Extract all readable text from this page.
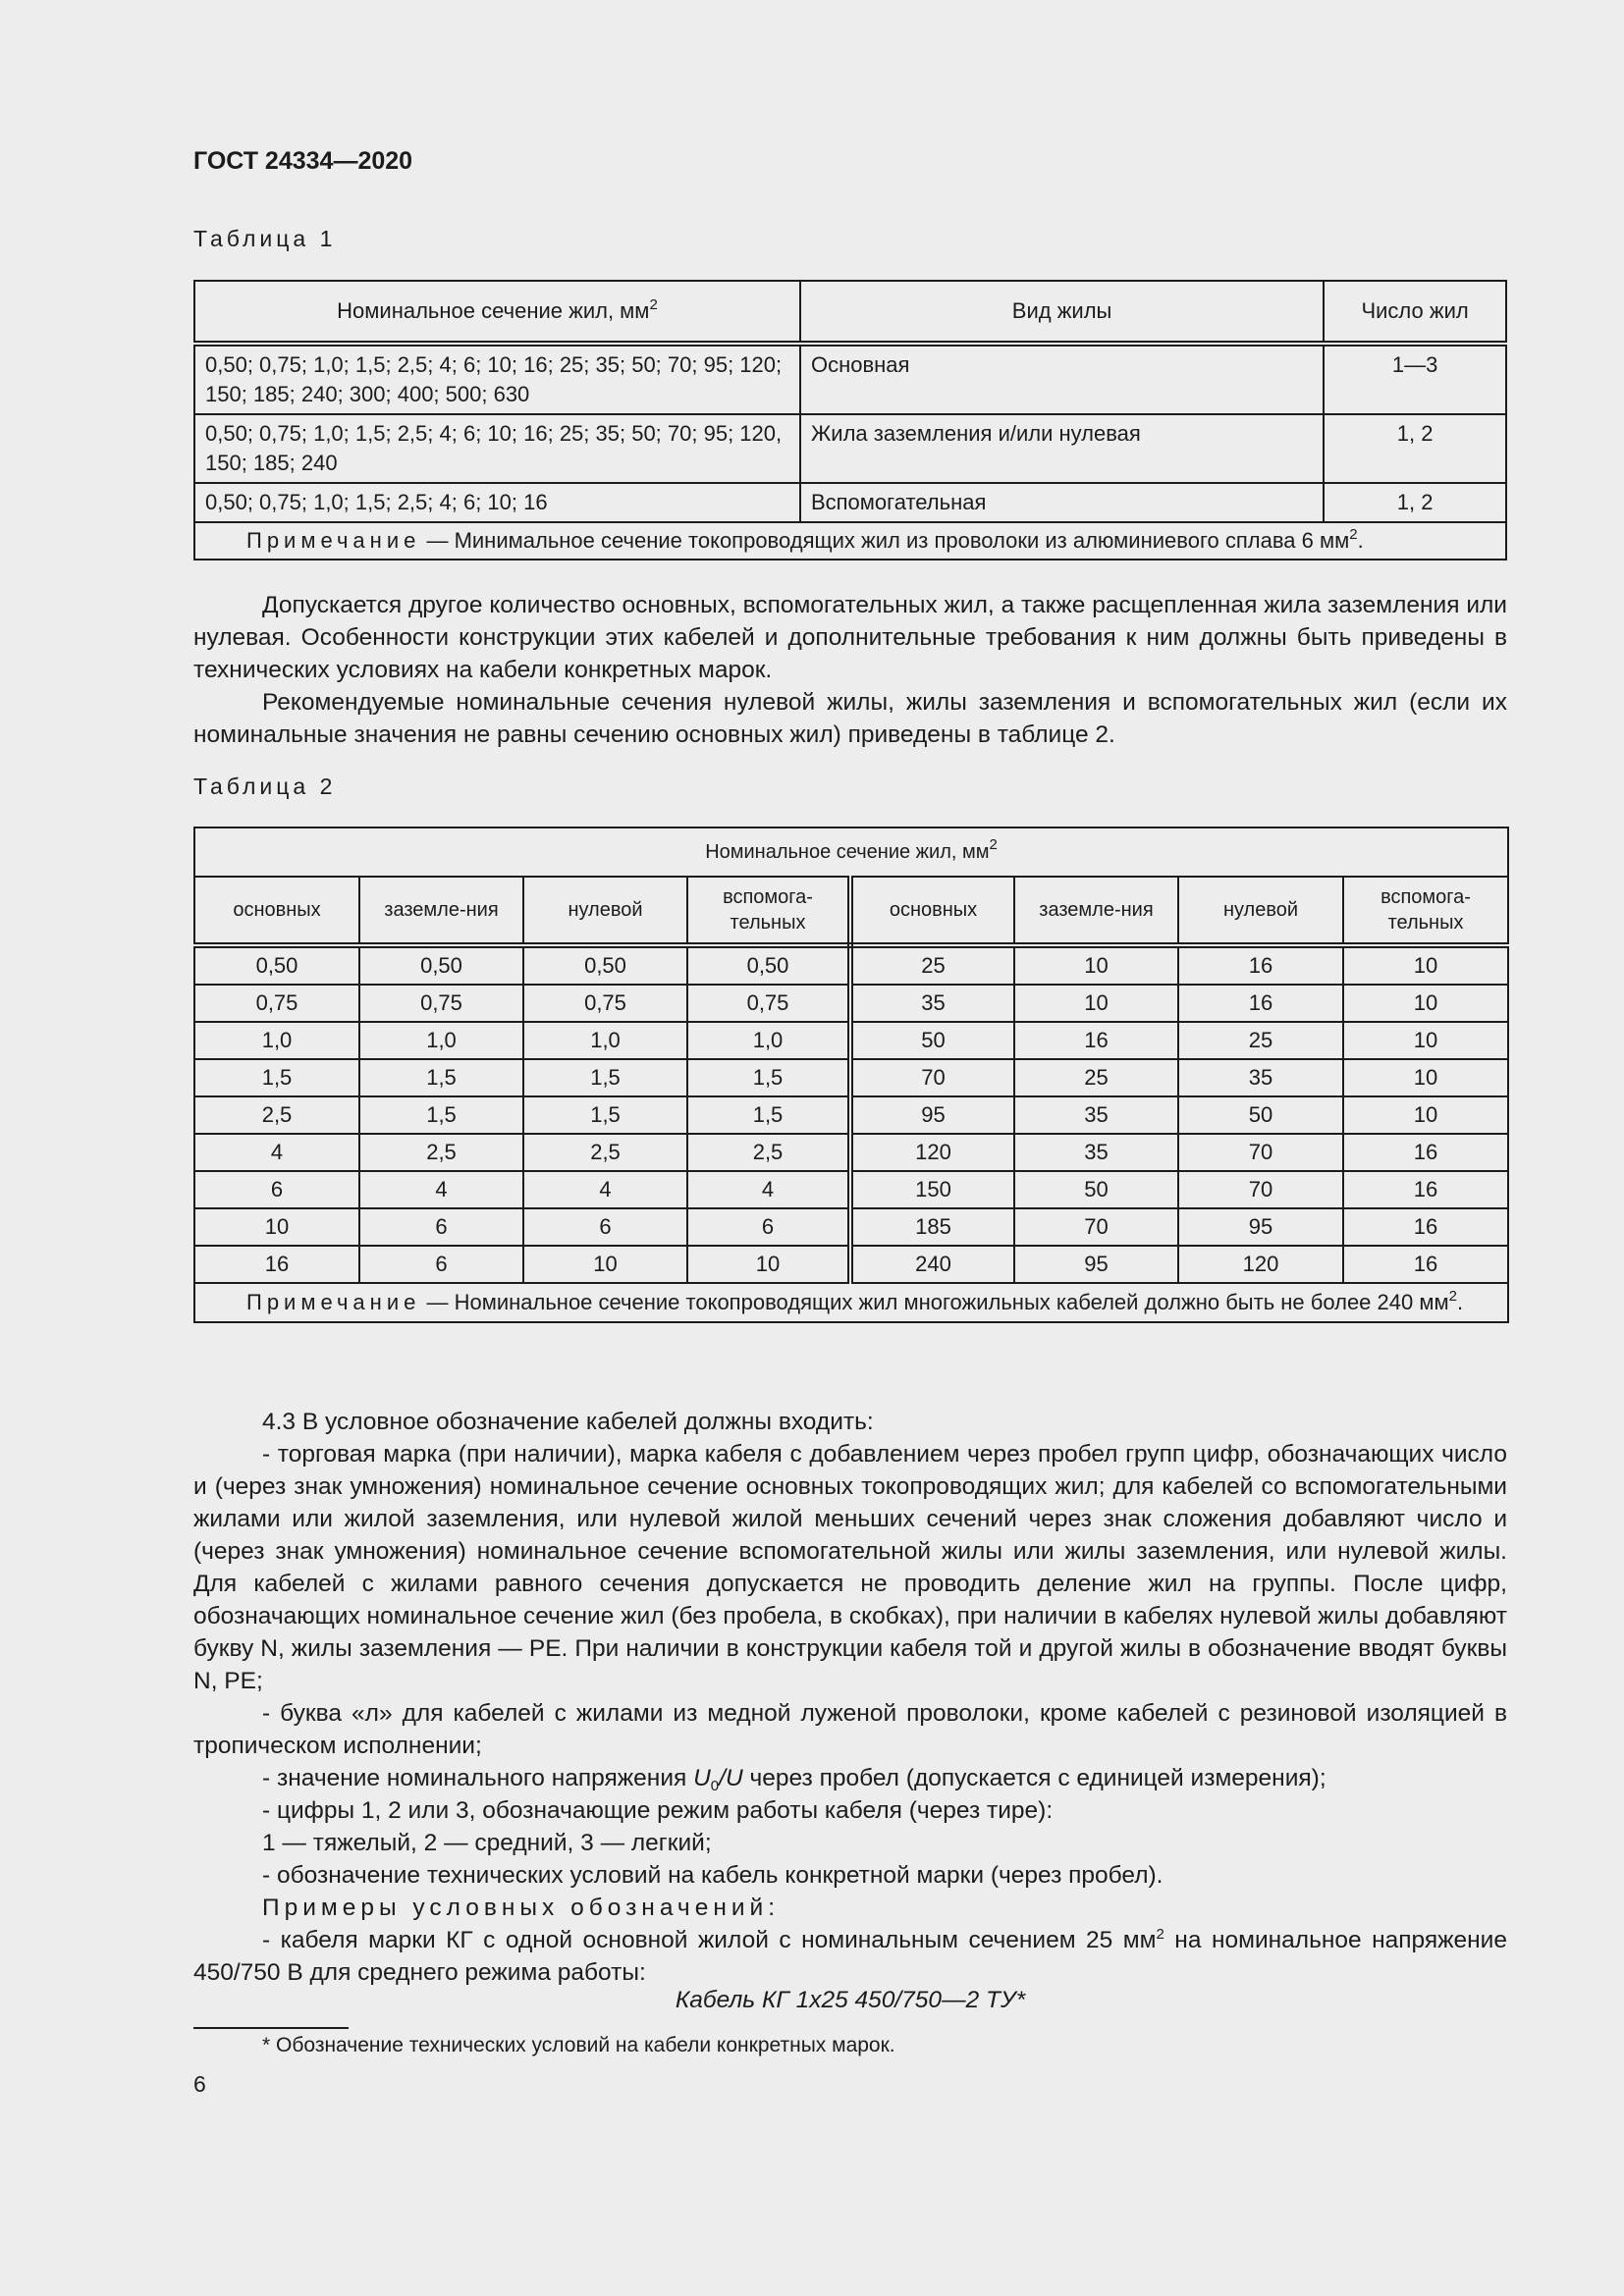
ГОСТ 24334—2020
Таблица 1
Номинальное сечение жил, $мм^2$	Вид жилы	Число жил
0,50; 0,75; 1,0; 1,5; 2,5; 4; 6; 10; 16; 25; 35; 50; 70; 95; 120; 150; 185; 240; 300; 400; 500; 630	Основная	1—3
0,50; 0,75; 1,0; 1,5; 2,5; 4; 6; 10; 16; 25; 35; 50; 70; 95; 120, 150; 185; 240	Жила заземления и/или нулевая	1, 2
0,50; 0,75; 1,0; 1,5; 2,5; 4; 6; 10; 16	Вспомогательная	1, 2
Примечание — Минимальное сечение токопроводящих жил из проволоки из алюминиевого сплава 6 $мм^2$.		

Допускается другое количество основных, вспомогательных жил, а также расщепленная жила заземления или нулевая. Особенности конструкции этих кабелей и дополнительные требования к ним должны быть приведены в технических условиях на кабели конкретных марок.

Рекомендуемые номинальные сечения нулевой жилы, жилы заземления и вспомогательных жил (если их номинальные значения не равны сечению основных жил) приведены в таблице 2.

Таблица 2
Номинальное сечение жил, $мм^2$
основных	заземле-ния	нулевой	вспомога-тельных	основных	заземле-ния	нулевой	вспомога-тельных
0,50	0,50	0,50	0,50	25	10	16	10
0,75	0,75	0,75	0,75	35	10	16	10
1,0	1,0	1,0	1,0	50	16	25	10
1,5	1,5	1,5	1,5	70	25	35	10
2,5	1,5	1,5	1,5	95	35	50	10
4	2,5	2,5	2,5	120	35	70	16
6	4	4	4	150	50	70	16
10	6	6	6	185	70	95	16
16	6	10	10	240	95	120	16
Примечание — Номинальное сечение токопроводящих жил многожильных кабелей должно быть не более 240 $мм^2$.							

4.3 В условное обозначение кабелей должны входить:

- торговая марка (при наличии), марка кабеля с добавлением через пробел групп цифр, обозначающих число и (через знак умножения) номинальное сечение основных токопроводящих жил; для кабелей со вспомогательными жилами или жилой заземления, или нулевой жилой меньших сечений через знак сложения добавляют число и (через знак умножения) номинальное сечение вспомогательной жилы или жилы заземления, или нулевой жилы. Для кабелей с жилами равного сечения допускается не проводить деление жил на группы. После цифр, обозначающих номинальное сечение жил (без пробела, в скобках), при наличии в кабелях нулевой жилы добавляют букву N, жилы заземления — PE. При наличии в конструкции кабеля той и другой жилы в обозначение вводят буквы N, PE;

- буква «л» для кабелей с жилами из медной луженой проволоки, кроме кабелей с резиновой изоляцией в тропическом исполнении;

- значение номинального напряжения $U_0/U$ через пробел (допускается с единицей измерения);

- цифры 1, 2 или 3, обозначающие режим работы кабеля (через тире):

1 — тяжелый, 2 — средний, 3 — легкий;

- обозначение технических условий на кабель конкретной марки (через пробел).

Примеры условных обозначений:

- кабеля марки КГ с одной основной жилой с номинальным сечением 25 $мм^2$ на номинальное напряжение 450/750 В для среднего режима работы:

Кабель КГ 1х25 450/750—2 ТУ*
* Обозначение технических условий на кабели конкретных марок.
6
